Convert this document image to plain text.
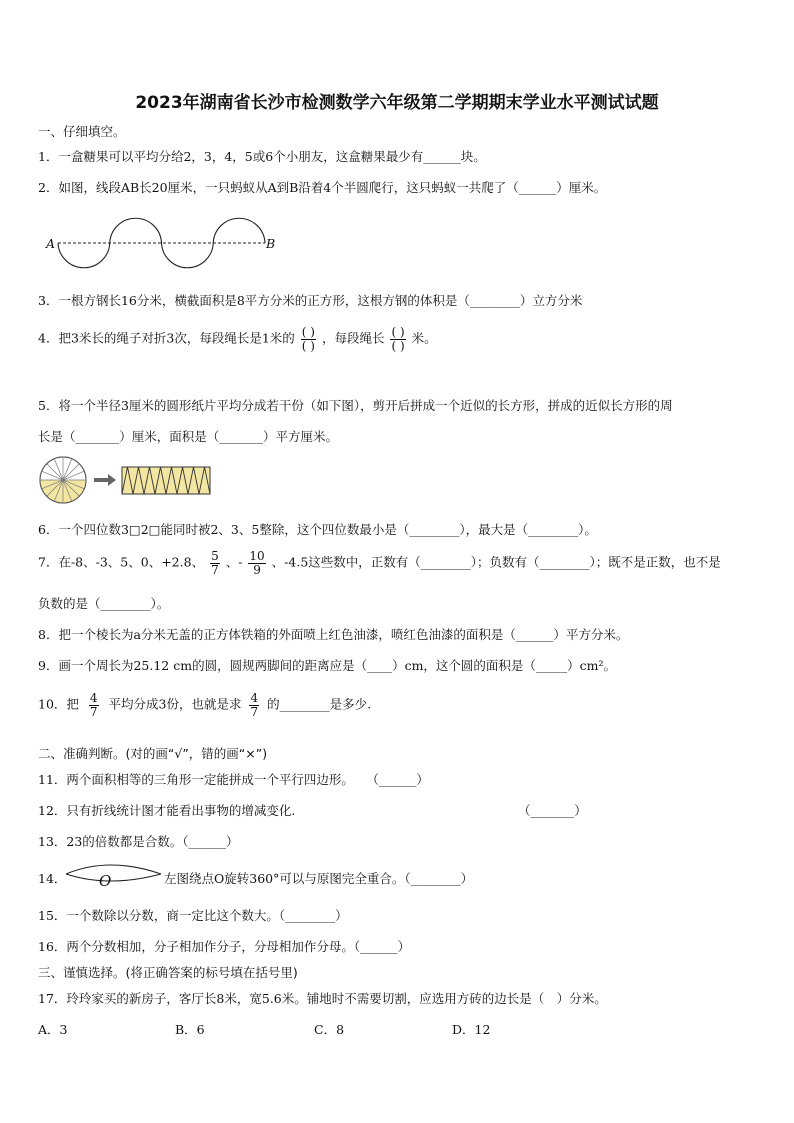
2023年湖南省长沙市检测数学六年级第二学期期末学业水平测试试题
一、仔细填空。
1．一盒糖果可以平均分给2，3，4，5或6个小朋友，这盒糖果最少有______块。
2．如图，线段AB长20厘米，一只蚂蚁从A到B沿着4个半圆爬行，这只蚂蚁一共爬了（______）厘米。
A	B
3．一根方钢长16分米，横截面积是8平方分米的正方形，这根方钢的体积是（________）立方分米
4．把3米长的绳子对折3次，每段绳长是1米的 $\frac{( )}{( )}$ ，每段绳长 $\frac{( )}{( )}$ 米。
5．将一个半径3厘米的圆形纸片平均分成若干份（如下图），剪开后拼成一个近似的长方形，拼成的近似长方形的周
长是（_______）厘米，面积是（_______）平方厘米。
6．一个四位数3□2□能同时被2、3、5整除，这个四位数最小是（________），最大是（________）。
7．在-8、-3、5、0、+2.8、 $\frac{5}{7}$ 、- $\frac{10}{9}$ 、-4.5这些数中，正数有（________）；负数有（________）；既不是正数，也不是
负数的是（________）。
8．把一个棱长为a分米无盖的正方体铁箱的外面喷上红色油漆，喷红色油漆的面积是（______）平方分米。
9．画一个周长为25.12 cm的圆，圆规两脚间的距离应是（____）cm，这个圆的面积是（_____）cm²。
10．把 $\frac{4}{7}$ 平均分成3份，也就是求 $\frac{4}{7}$ 的________是多少.
二、准确判断。(对的画“√”，错的画“×”)
11．两个面积相等的三角形一定能拼成一个平行四边形。　　（______）
12．只有折线统计图才能看出事物的增减变化.	（_______）
13．23的倍数都是合数。（______）
14． O	左图绕点O旋转360°可以与原图完全重合。（________）
15．一个数除以分数，商一定比这个数大。（________）
16．两个分数相加，分子相加作分子，分母相加作分母。（______）
三、谨慎选择。(将正确答案的标号填在括号里)
17．玲玲家买的新房子，客厅长8米，宽5.6米。铺地时不需要切割，应选用方砖的边长是（　）分米。
A．3	B．6	C．8	D．12
